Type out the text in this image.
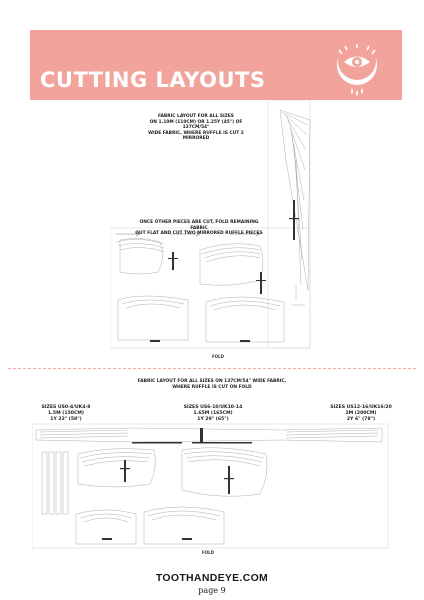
CUTTING LAYOUTS
FABRIC LAYOUT FOR ALL SIZES
ON 1.10M (110CM) OR 1.25Y (45") OF 137CM/54"
WIDE FABRIC, WHERE RUFFLE IS CUT 2 MIRRORED
ONCE OTHER PIECES ARE CUT, FOLD REMAINING FABRIC
OUT FLAT AND CUT TWO MIRRORED RUFFLE PIECES
FOLD
FABRIC LAYOUT FOR ALL SIZES ON 137CM/54" WIDE FABRIC,
WHERE RUFFLE IS CUT ON FOLD
SIZES US0-4/UK4-8
1.5M (150CM)
1Y 22" (58")
SIZES US6-10/UK10-14
1.65M (165CM)
1Y 29" (65")
SIZES US12-16/UK16/20
2M (200CM)
2Y 6" (78")
FOLD
TOOTHANDEYE.COM
page 9
